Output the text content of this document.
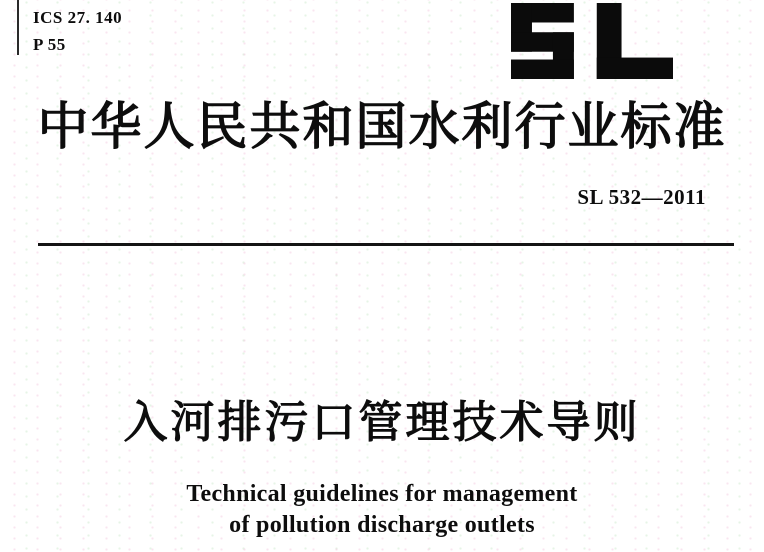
ICS 27. 140
P 55
中华人民共和国水利行业标准
SL 532—2011
入河排污口管理技术导则
Technical guidelines for management
of pollution discharge outlets
